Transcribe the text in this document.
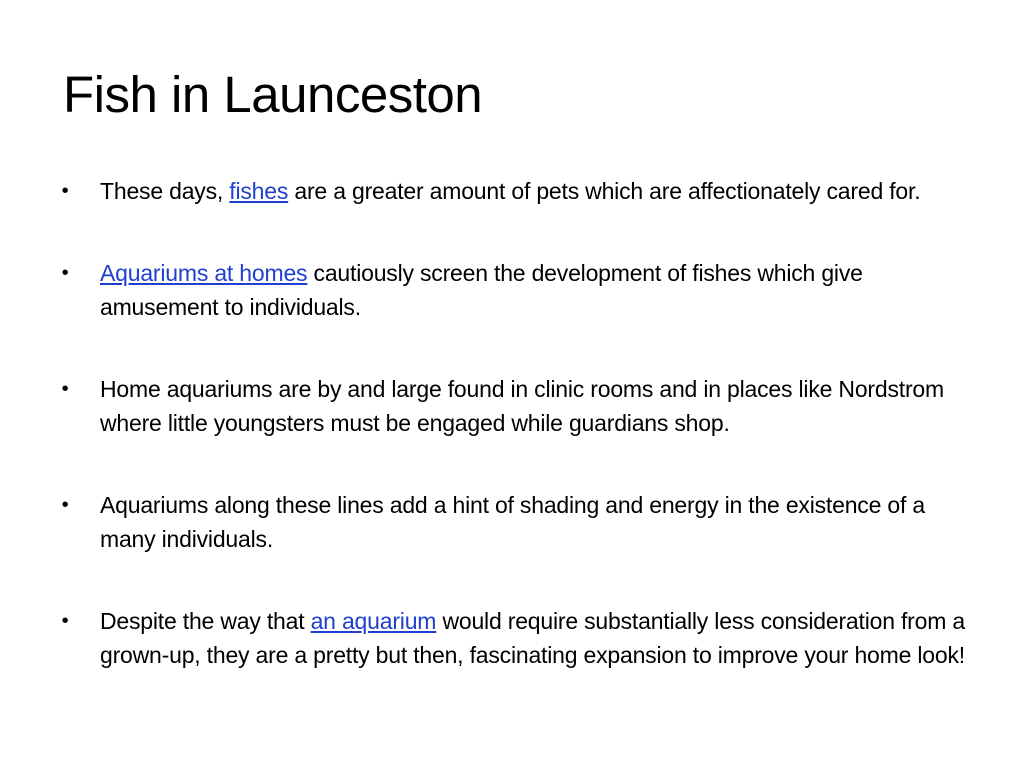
Fish in Launceston
• These days, fishes are a greater amount of pets which are affectionately cared for.
• Aquariums at homes cautiously screen the development of fishes which give amusement to individuals.
• Home aquariums are by and large found in clinic rooms and in places like Nordstrom where little youngsters must be engaged while guardians shop.
• Aquariums along these lines add a hint of shading and energy in the existence of a many individuals.
• Despite the way that an aquarium would require substantially less consideration from a grown-up, they are a pretty but then, fascinating expansion to improve your home look!
